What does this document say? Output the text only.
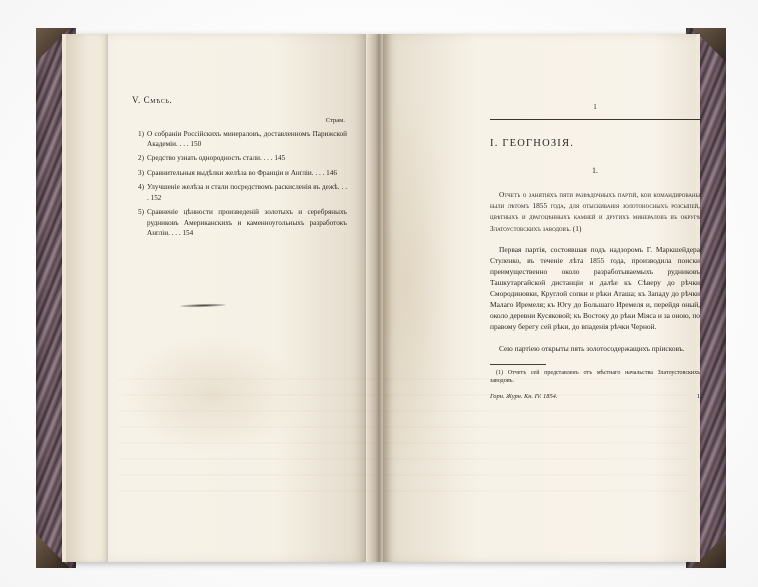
V. Смѣсь.
Страм.
1) О собраніи Россійскихъ минераловъ, доставленномъ Парижской Академіи. . . . 150
2) Средство узнать однородность стали. . . . 145
3) Сравнительныя выдѣлки желѣза во Франціи и Англіи. . . . 146
4) Улучшеніе желѣза и стали посредствомъ раскисленія въ дежѣ. . . . 152
5) Сравненіе цѣнности произведеній золотыхъ и серебряныхъ рудниковъ Американскихъ и каменноугольныхъ разработокъ Англіи. . . . 154
1
I. ГЕОГНОЗІЯ.
1.
Отчетъ о занятіяхъ пяти развѣдочныхъ партій, кои командированы были лѣтомъ 1855 года, для отыскиванія золотоносныхъ розсыпей, цвѣтныхъ и драгоцѣнныхъ камней и другихъ минераловъ въ округѣ Златоустовскихъ заводовъ. (1)
Первая партія, состоявшая подъ надзоромъ Г. Маркшейдера Стуленко, въ теченіе лѣта 1855 года, производила поиски преимущественно около разработываемыхъ рудниковъ Ташкутаргайской дистанціи и далѣе къ Сѣверу до рѣчки Смородиновки, Круглой сопки и рѣки Аташа; къ Западу до рѣчки Малаго Иремеля; къ Югу до Большаго Иремеля и, перейдя оный, около деревни Кусяковой; къ Востоку до рѣки Міяса и за оною, по правому берегу сей рѣки, до впаденія рѣчки Черной.
Сею партіею открыты пять золотосодержащихъ пріисковъ.
(1) Отчетъ сей представленъ отъ мѣстнаго начальства Златоустовскихъ заводовъ.
Горн. Журн. Кн. IV. 1854.	1
